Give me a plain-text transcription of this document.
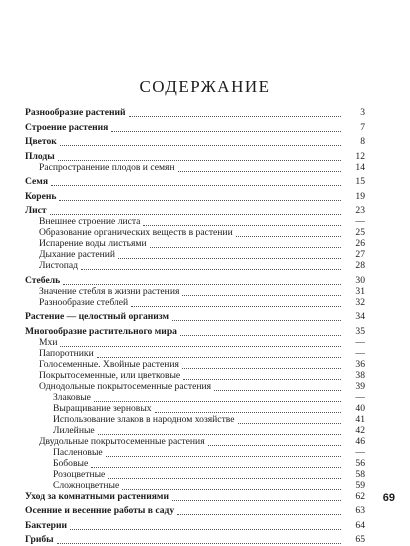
СОДЕРЖАНИЕ
Разнообразие растений	3
Строение растения	7
Цветок	8
Плоды	12
Распространение плодов и семян	14
Семя	15
Корень	19
Лист	23
Внешнее строение листа	—
Образование органических веществ в растении	25
Испарение воды листьями	26
Дыхание растений	27
Листопад	28
Стебель	30
Значение стебля в жизни растения	31
Разнообразие стеблей	32
Растение — целостный организм	34
Многообразие растительного мира	35
Мхи	—
Папоротники	—
Голосеменные. Хвойные растения	36
Покрытосеменные, или цветковые	38
Однодольные покрытосеменные растения	39
Злаковые	—
Выращивание зерновых	40
Использование злаков в народном хозяйстве	41
Лилейные	42
Двудольные покрытосеменные растения	46
Пасленовые	—
Бобовые	56
Розоцветные	58
Сложноцветные	59
Уход за комнатными растениями	62
Осенние и весенние работы в саду	63
Бактерии	64
Грибы	65
69
